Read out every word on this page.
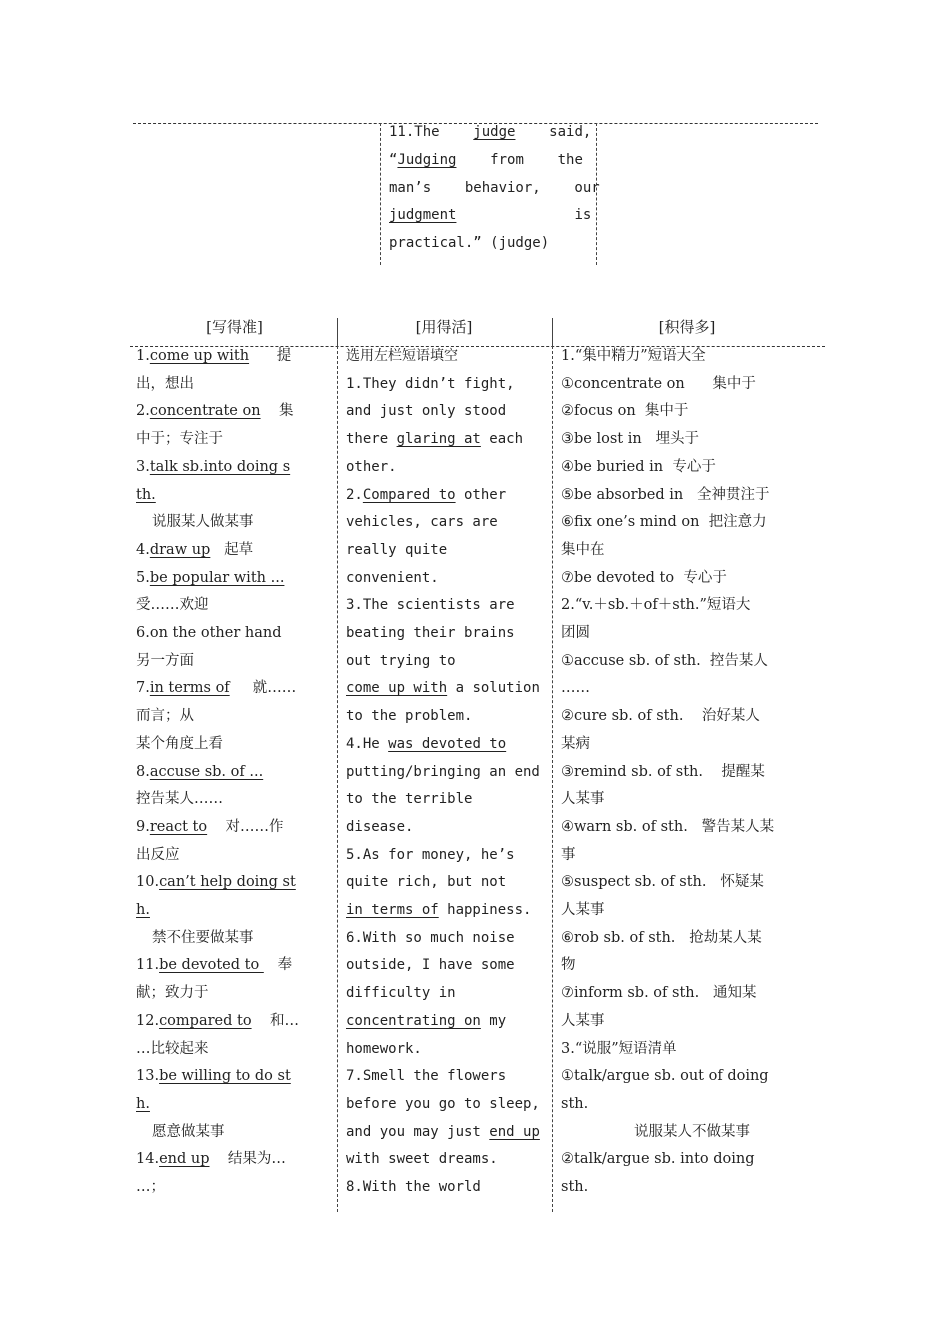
11.The    judge    said,

“Judging    from    the

man’s    behavior,    our

judgment              is

practical.” (judge)

[写得准]	[用得活]	[积得多]

1.come up with      提

出，想出

2.concentrate on    集

中于；专注于

3.talk sb.into doing s

th.

说服某人做某事

4.draw up   起草

5.be popular with ...

受……欢迎

6.on the other hand

另一方面

7.in terms of     就……

而言；从

某个角度上看

8.accuse sb. of ...

控告某人……

9.react to    对……作

出反应

10.can’t help doing st

h.

禁不住要做某事

11.be devoted to    奉

献；致力于

12.compared to    和…

…比较起来

13.be willing to do st

h.

愿意做某事

14.end up    结果为…

…；

选用左栏短语填空

1.They didn’t fight,

and just only stood

there glaring at each

other.

2.Compared to other

vehicles, cars are

really quite

convenient.

3.The scientists are

beating their brains

out trying to

come up with a solution

to the problem.

4.He was devoted to

putting/bringing an end

to the terrible

disease.

5.As for money, he’s

quite rich, but not

in terms of happiness.

6.With so much noise

outside, I have some

difficulty in

concentrating on my

homework.

7.Smell the flowers

before you go to sleep,

and you may just end up

with sweet dreams.

8.With the world

1.“集中精力”短语大全

①concentrate on      集中于

②focus on  集中于

③be lost in   埋头于

④be buried in  专心于

⑤be absorbed in   全神贯注于

⑥fix one’s mind on  把注意力

集中在

⑦be devoted to  专心于

2.“v.＋sb.＋of＋sth.”短语大

团圆

①accuse sb. of sth.  控告某人

……

②cure sb. of sth.    治好某人

某病

③remind sb. of sth.    提醒某

人某事

④warn sb. of sth.   警告某人某

事

⑤suspect sb. of sth.   怀疑某

人某事

⑥rob sb. of sth.   抢劫某人某

物

⑦inform sb. of sth.   通知某

人某事

3.“说服”短语清单

①talk/argue sb. out of doing

sth.

说服某人不做某事

②talk/argue sb. into doing

sth.
